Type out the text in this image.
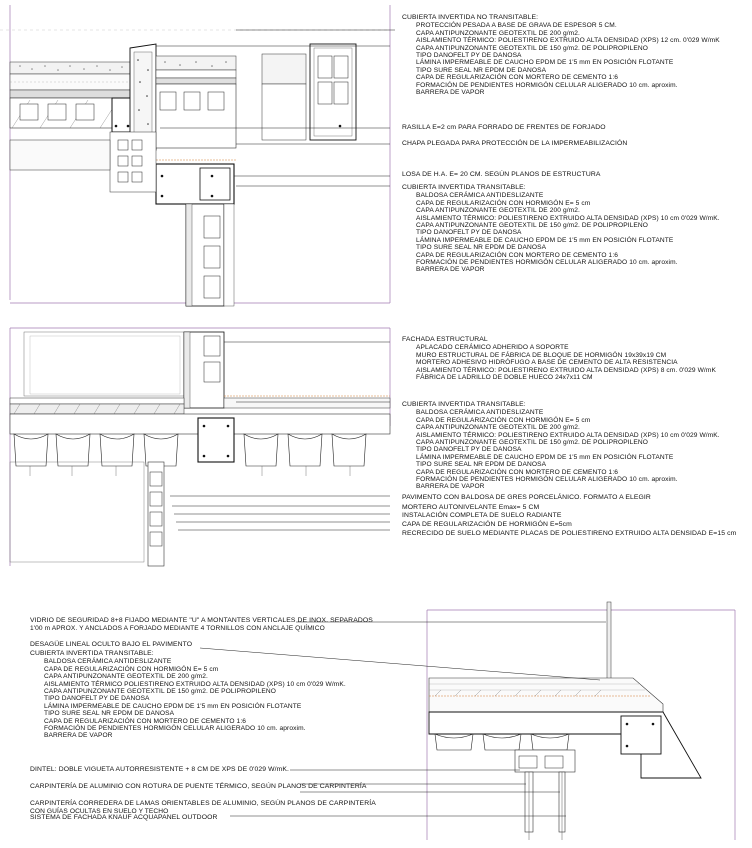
CUBIERTA INVERTIDA NO TRANSITABLE:
PROTECCIÓN PESADA A BASE DE GRAVA DE ESPESOR 5 CM.
CAPA ANTIPUNZONANTE GEOTEXTIL DE 200 g/m2.
AISLAMIENTO TÉRMICO: POLIESTIRENO EXTRUIDO ALTA DENSIDAD (XPS) 12 cm. 0'029 W/mK
CAPA ANTIPUNZONANTE GEOTEXTIL DE 150 g/m2. DE POLIPROPILENO
TIPO DANOFELT PY DE DANOSA
LÁMINA IMPERMEABLE DE CAUCHO EPDM DE 1'5 mm EN POSICIÓN FLOTANTE
TIPO SURE SEAL NR EPDM DE DANOSA
CAPA DE REGULARIZACIÓN CON MORTERO DE CEMENTO 1:6
FORMACIÓN DE PENDIENTES HORMIGÓN CELULAR ALIGERADO 10 cm. aproxim.
BARRERA DE VAPOR
RASILLA E=2 cm PARA FORRADO DE FRENTES DE FORJADO
CHAPA PLEGADA PARA PROTECCIÓN DE LA IMPERMEABILIZACIÓN
LOSA DE H.A. E= 20 CM. SEGÚN PLANOS DE ESTRUCTURA
CUBIERTA INVERTIDA TRANSITABLE:
BALDOSA CERÁMICA ANTIDESLIZANTE
CAPA DE REGULARIZACIÓN CON HORMIGÓN E= 5 cm
CAPA ANTIPUNZONANTE GEOTEXTIL DE 200 g/m2.
AISLAMIENTO TÉRMICO: POLIESTIRENO EXTRUIDO ALTA DENSIDAD (XPS) 10 cm 0'029 W/mK.
CAPA ANTIPUNZONANTE GEOTEXTIL DE 150 g/m2. DE POLIPROPILENO
TIPO DANOFELT PY DE DANOSA
LÁMINA IMPERMEABLE DE CAUCHO EPDM DE 1'5 mm EN POSICIÓN FLOTANTE
TIPO SURE SEAL NR EPDM DE DANOSA
CAPA DE REGULARIZACIÓN CON MORTERO DE CEMENTO 1:6
FORMACIÓN DE PENDIENTES HORMIGÓN CELULAR ALIGERADO 10 cm. aproxim.
BARRERA DE VAPOR
FACHADA ESTRUCTURAL
APLACADO CERÁMICO ADHERIDO A SOPORTE
MURO ESTRUCTURAL DE FÁBRICA DE BLOQUE DE HORMIGÓN 19x39x19 CM
MORTERO ADHESIVO HIDRÓFUGO A BASE DE CEMENTO DE ALTA RESISTENCIA
AISLAMIENTO TÉRMICO: POLIESTIRENO EXTRUIDO ALTA DENSIDAD (XPS) 8 cm. 0'029 W/mK
FÁBRICA DE LADRILLO DE DOBLE HUECO 24x7x11 CM
CUBIERTA INVERTIDA TRANSITABLE:
BALDOSA CERÁMICA ANTIDESLIZANTE
CAPA DE REGULARIZACIÓN CON HORMIGÓN E= 5 cm
CAPA ANTIPUNZONANTE GEOTEXTIL DE 200 g/m2.
AISLAMIENTO TÉRMICO: POLIESTIRENO EXTRUIDO ALTA DENSIDAD (XPS) 10 cm 0'029 W/mK.
CAPA ANTIPUNZONANTE GEOTEXTIL DE 150 g/m2. DE POLIPROPILENO
TIPO DANOFELT PY DE DANOSA
LÁMINA IMPERMEABLE DE CAUCHO EPDM DE 1'5 mm EN POSICIÓN FLOTANTE
TIPO SURE SEAL NR EPDM DE DANOSA
CAPA DE REGULARIZACIÓN CON MORTERO DE CEMENTO 1:6
FORMACIÓN DE PENDIENTES HORMIGÓN CELULAR ALIGERADO 10 cm. aproxim.
BARRERA DE VAPOR
PAVIMENTO CON BALDOSA DE GRES PORCELÁNICO. FORMATO A ELEGIR
MORTERO AUTONIVELANTE Emax= 5 CM
INSTALACIÓN COMPLETA DE SUELO RADIANTE
CAPA DE REGULARIZACIÓN DE HORMIGÓN E=5cm
RECRECIDO DE SUELO MEDIANTE PLACAS DE POLIESTIRENO EXTRUIDO ALTA DENSIDAD E=15 cm
VIDRIO DE SEGURIDAD 8+8 FIJADO MEDIANTE "U" A MONTANTES VERTICALES DE INOX. SEPARADOS
1'00 m APROX. Y ANCLADOS A FORJADO MEDIANTE 4 TORNILLOS CON ANCLAJE QUÍMICO
DESAGÜE LINEAL OCULTO BAJO EL PAVIMENTO
CUBIERTA INVERTIDA TRANSITABLE:
BALDOSA CERÁMICA ANTIDESLIZANTE
CAPA DE REGULARIZACIÓN CON HORMIGÓN E= 5 cm
CAPA ANTIPUNZONANTE GEOTEXTIL DE 200 g/m2.
AISLAMIENTO TÉRMICO POLIESTIRENO EXTRUIDO ALTA DENSIDAD (XPS) 10 cm 0'029 W/mK.
CAPA ANTIPUNZONANTE GEOTEXTIL DE 150 g/m2. DE POLIPROPILENO
TIPO DANOFELT PY DE DANOSA
LÁMINA IMPERMEABLE DE CAUCHO EPDM DE 1'5 mm EN POSICIÓN FLOTANTE
TIPO SURE SEAL NR EPDM DE DANOSA
CAPA DE REGULARIZACIÓN CON MORTERO DE CEMENTO 1:6
FORMACIÓN DE PENDIENTES HORMIGÓN CELULAR ALIGERADO 10 cm. aproxim.
BARRERA DE VAPOR
DINTEL: DOBLE VIGUETA AUTORRESISTENTE + 8 CM DE XPS DE 0'029 W/mK.
CARPINTERÍA DE ALUMINIO CON ROTURA DE PUENTE TÉRMICO, SEGÚN PLANOS DE CARPINTERÍA
CARPINTERÍA CORREDERA DE LAMAS ORIENTABLES DE ALUMINIO, SEGÚN PLANOS DE CARPINTERÍA
CON GUÍAS OCULTAS EN SUELO Y TECHO
SISTEMA DE FACHADA KNAUF ACQUAPANEL OUTDOOR
